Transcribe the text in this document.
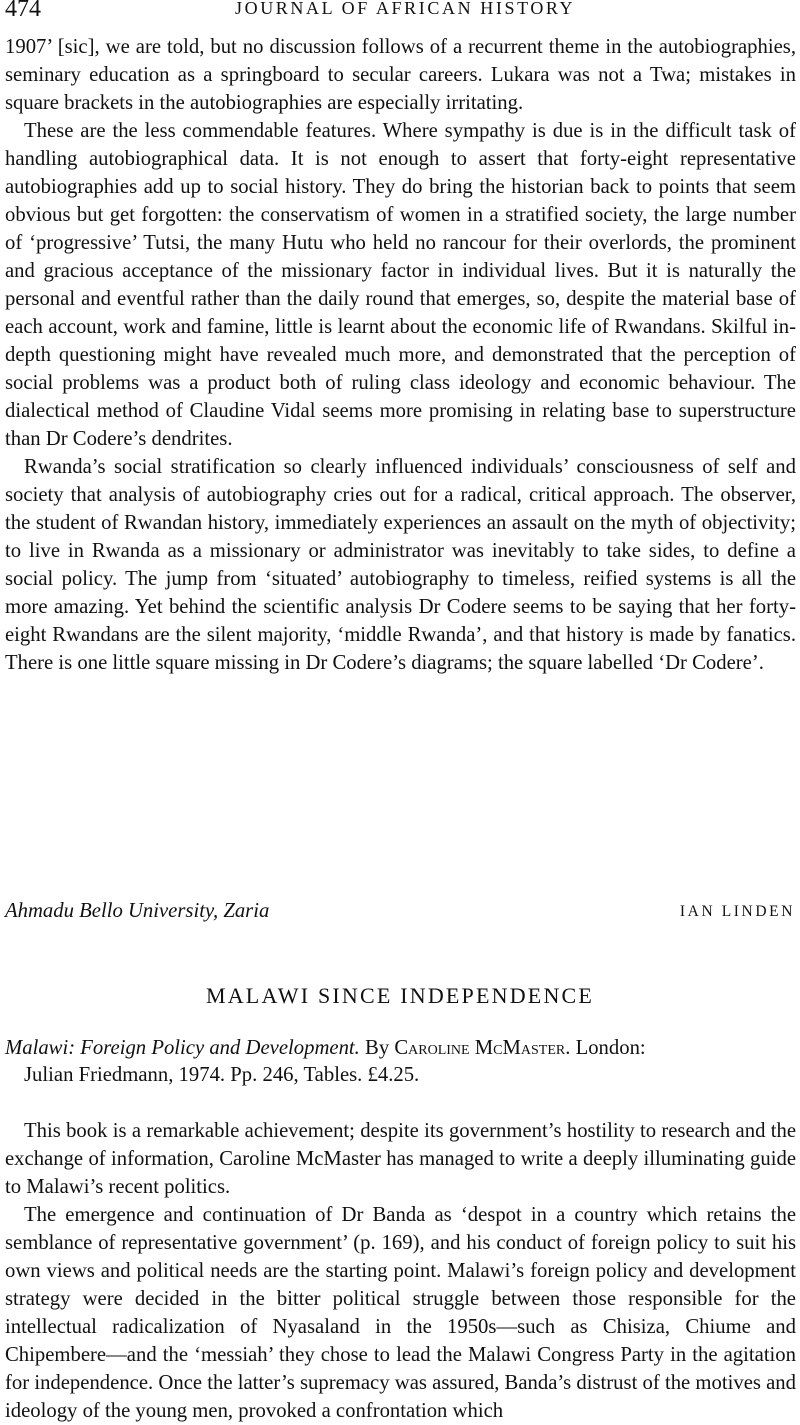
474	JOURNAL OF AFRICAN HISTORY

1907’ [sic], we are told, but no discussion follows of a recurrent theme in the autobiographies, seminary education as a springboard to secular careers. Lukara was not a Twa; mistakes in square brackets in the autobiographies are especially irritating.

These are the less commendable features. Where sympathy is due is in the difficult task of handling autobiographical data. It is not enough to assert that forty-eight representative autobiographies add up to social history. They do bring the historian back to points that seem obvious but get forgotten: the conservatism of women in a stratified society, the large number of ‘progressive’ Tutsi, the many Hutu who held no rancour for their overlords, the prominent and gracious acceptance of the missionary factor in individual lives. But it is naturally the personal and eventful rather than the daily round that emerges, so, despite the material base of each account, work and famine, little is learnt about the economic life of Rwandans. Skilful in-depth questioning might have revealed much more, and demonstrated that the perception of social problems was a product both of ruling class ideology and economic behaviour. The dialectical method of Claudine Vidal seems more promising in relating base to superstructure than Dr Codere’s dendrites.

Rwanda’s social stratification so clearly influenced individuals’ consciousness of self and society that analysis of autobiography cries out for a radical, critical approach. The observer, the student of Rwandan history, immediately experiences an assault on the myth of objectivity; to live in Rwanda as a missionary or administrator was inevitably to take sides, to define a social policy. The jump from ‘situated’ autobiography to timeless, reified systems is all the more amazing. Yet behind the scientific analysis Dr Codere seems to be saying that her forty-eight Rwandans are the silent majority, ‘middle Rwanda’, and that history is made by fanatics. There is one little square missing in Dr Codere’s diagrams; the square labelled ‘Dr Codere’.

Ahmadu Bello University, Zaria	IAN LINDEN
MALAWI SINCE INDEPENDENCE
Malawi: Foreign Policy and Development. By Caroline McMaster. London:
Julian Friedmann, 1974. Pp. 246, Tables. £4.25.

This book is a remarkable achievement; despite its government’s hostility to research and the exchange of information, Caroline McMaster has managed to write a deeply illuminating guide to Malawi’s recent politics.

The emergence and continuation of Dr Banda as ‘despot in a country which retains the semblance of representative government’ (p. 169), and his conduct of foreign policy to suit his own views and political needs are the starting point. Malawi’s foreign policy and development strategy were decided in the bitter political struggle between those responsible for the intellectual radicalization of Nyasaland in the 1950s—such as Chisiza, Chiume and Chipembere—and the ‘messiah’ they chose to lead the Malawi Congress Party in the agitation for independence. Once the latter’s supremacy was assured, Banda’s distrust of the motives and ideology of the young men, provoked a confrontation which
